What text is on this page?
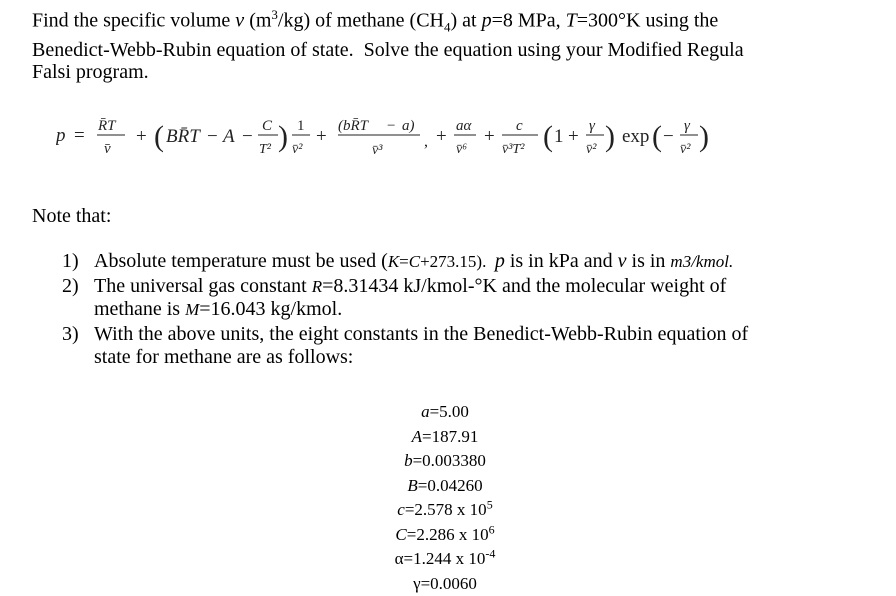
Find the specific volume v $(m^3/kg)$ of methane $(CH_4)$ at p=8 MPa, T=300°K using the
Benedict-Webb-Rubin equation of state.  Solve the equation using your Modified Regula
Falsi program.
p = R̄T
v̄
+ ( BR̄T − A − C
T² ) 1
v̄²
+ (bR̄T − a)
v̄³
, + aα
v̄⁶
+ c
v̄³T² ( 1 + γ
v̄² ) exp ( − γ
v̄² )
Note that:
1) Absolute temperature must be used (K=C+273.15).  p is in kPa and v is in m3/kmol.
2) The universal gas constant R=8.31434 kJ/kmol-°K and the molecular weight of
methane is M=16.043 kg/kmol.
3) With the above units, the eight constants in the Benedict-Webb-Rubin equation of
state for methane are as follows:
a=5.00
A=187.91
b=0.003380
B=0.04260
c=2.578 x $10^5$
C=2.286 x $10^6$
α=1.244 x $10^{-4}$
γ=0.0060
